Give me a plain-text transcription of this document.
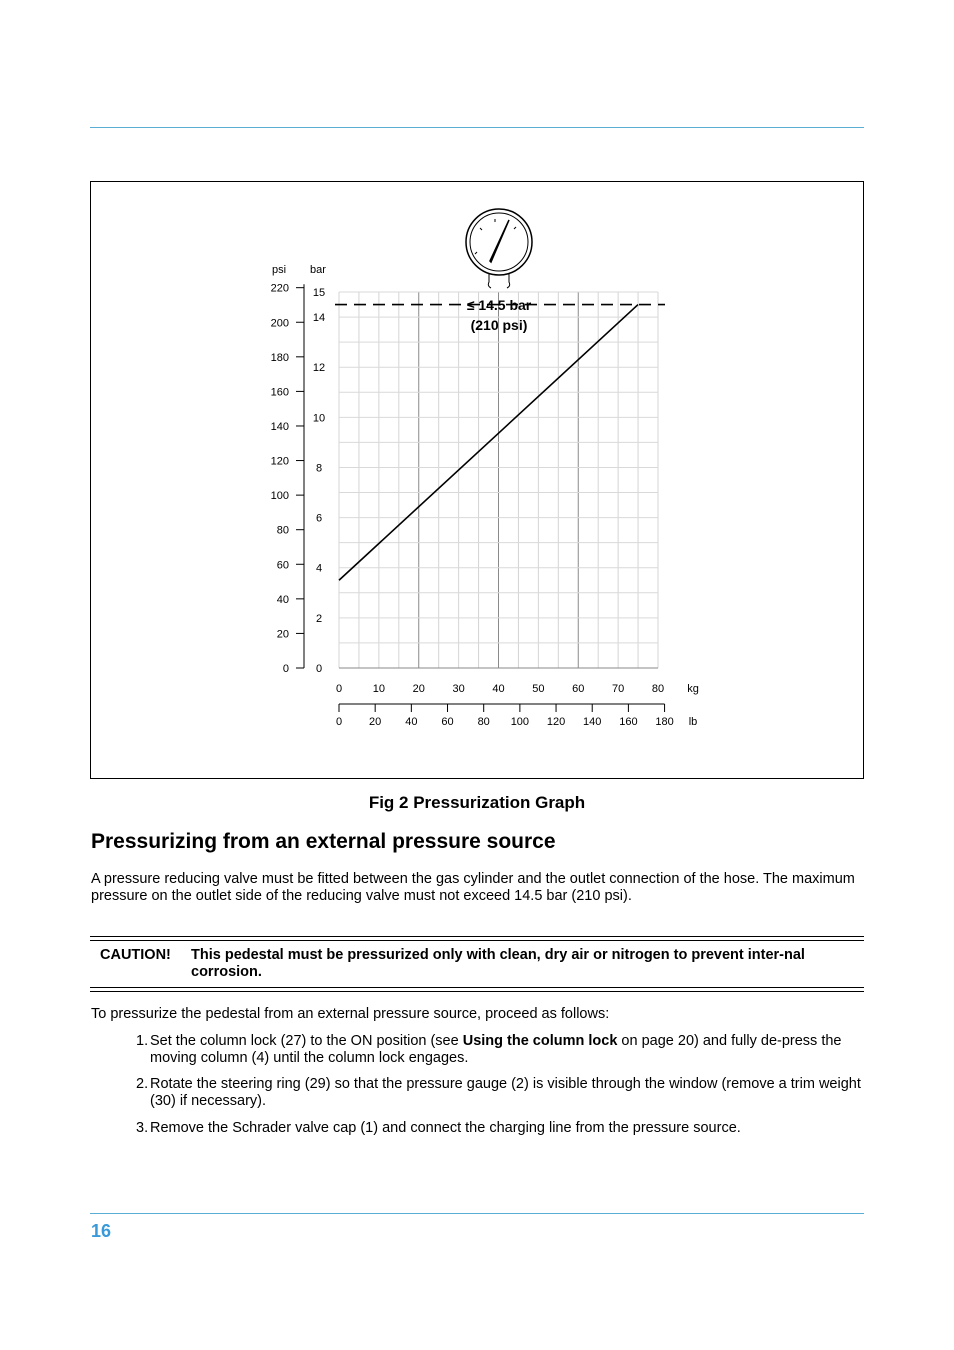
bar
0
2
4
6
8
10
12
14
15
psi
0
20
40
60
80
100
120
140
160
180
200
220
0	10	20	30	40	50	60	70	80 kg
0 20 40 60 80 100 120 140 160 180 lb
≤ 14.5 bar
(210 psi)
Fig 2 Pressurization Graph
Pressurizing from an external pressure source

A pressure reducing valve must be fitted between the gas cylinder and the outlet connection of the hose. The maximum pressure on the outlet side of the reducing valve must not exceed 14.5 bar (210 psi).

CAUTION! This pedestal must be pressurized only with clean, dry air or nitrogen to prevent inter-nal corrosion.

To pressurize the pedestal from an external pressure source, proceed as follows:

1. Set the column lock (27) to the ON position (see Using the column lock on page 20) and fully de-press the moving column (4) until the column lock engages.
2. Rotate the steering ring (29) so that the pressure gauge (2) is visible through the window (remove a trim weight (30) if necessary).
3. Remove the Schrader valve cap (1) and connect the charging line from the pressure source.
16
